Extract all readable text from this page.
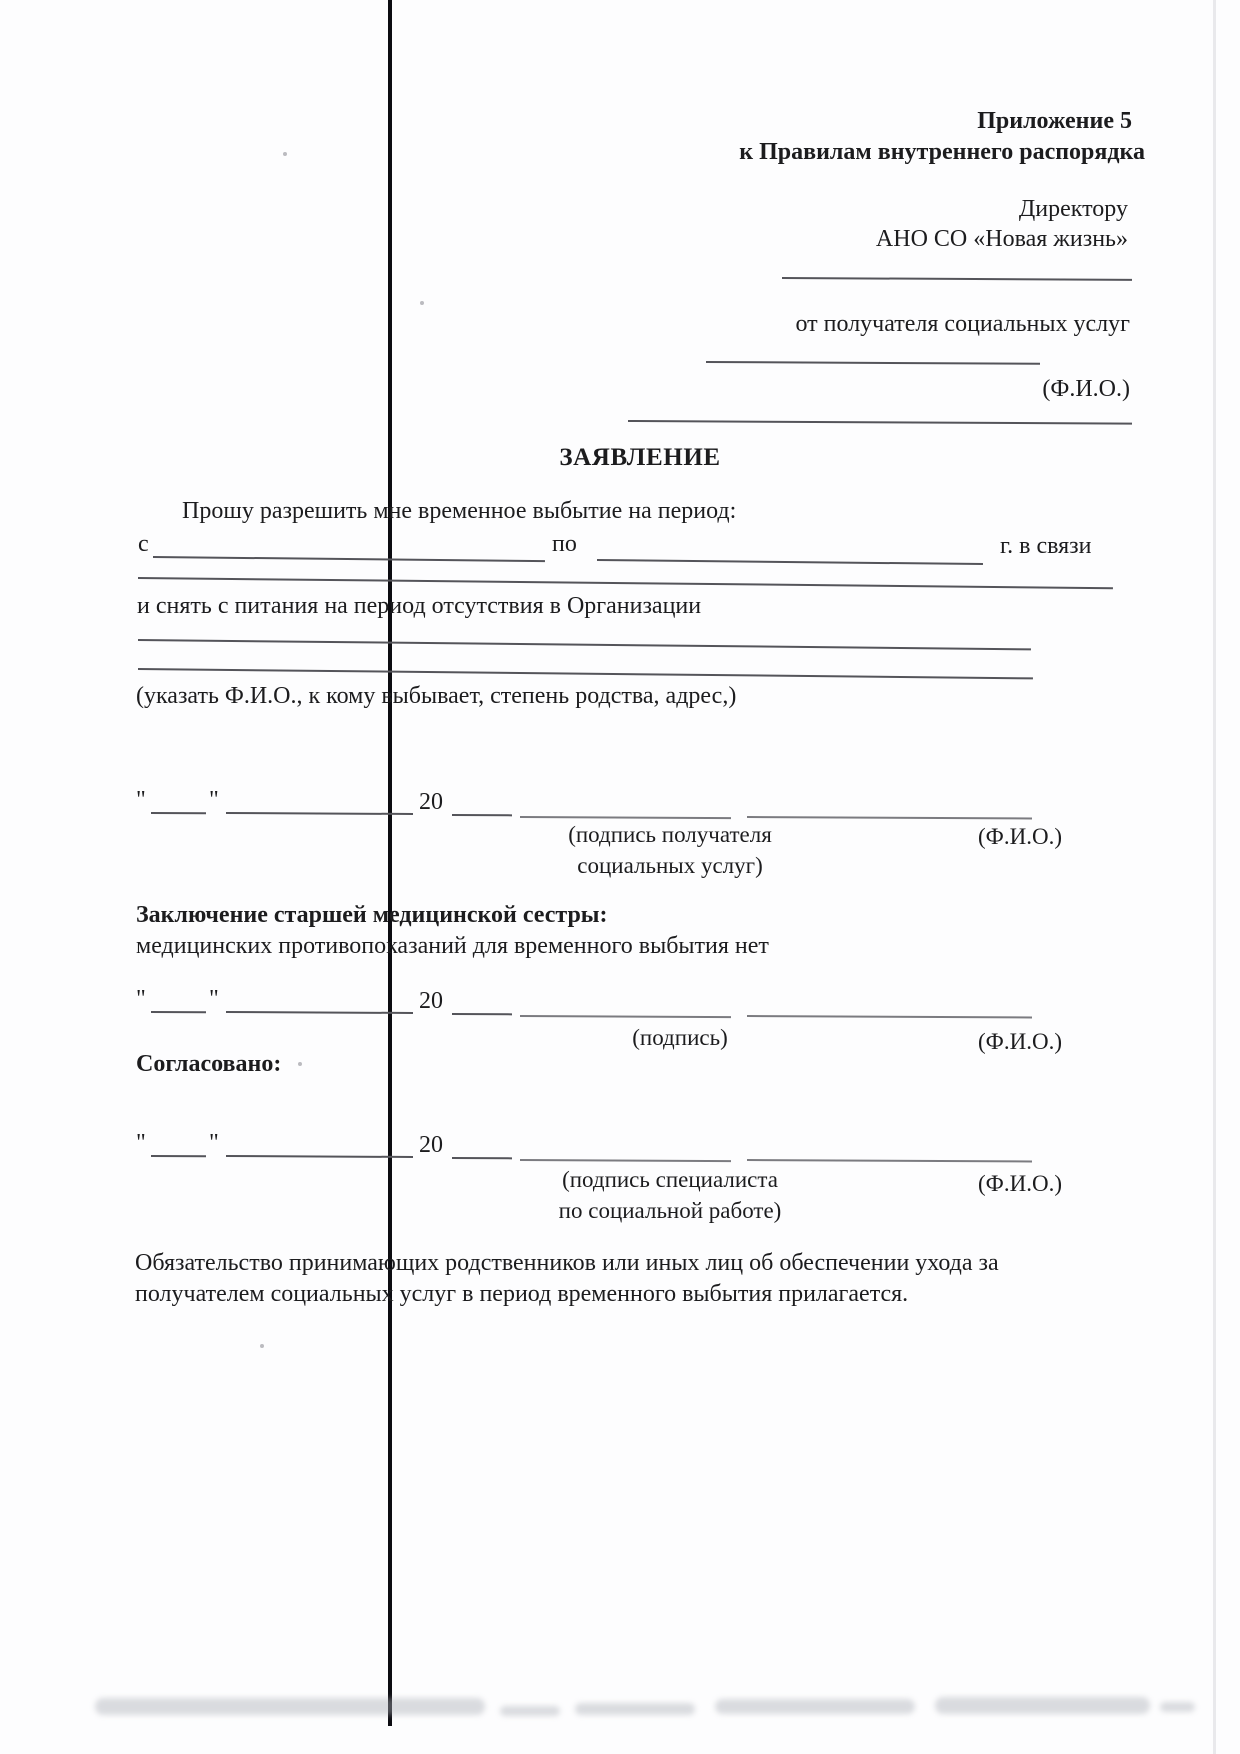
Приложение 5
к Правилам внутреннего распорядка
Директору
АНО СО «Новая жизнь»
от получателя социальных услуг
(Ф.И.О.)
ЗАЯВЛЕНИЕ
Прошу разрешить мне временное выбытие на период:
с	по	г. в связи
и снять с питания на период отсутствия в Организации
(указать Ф.И.О., к кому выбывает, степень родства, адрес,)
"	"	20
(подпись получателя
социальных услуг)
(Ф.И.О.)
Заключение старшей медицинской сестры:
медицинских противопоказаний для временного выбытия нет
"	"	20
(подпись)	(Ф.И.О.)
Согласовано:
"	"	20
(подпись специалиста
по социальной работе)
(Ф.И.О.)
Обязательство принимающих родственников или иных лиц об обеспечении ухода за получателем социальных услуг в период временного выбытия прилагается.
